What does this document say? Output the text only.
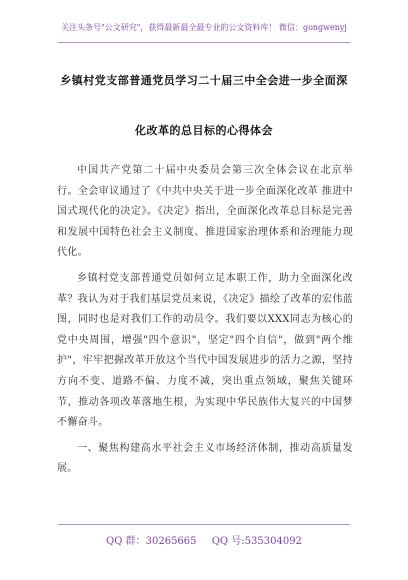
关注头条号"公文研究"，获得最新最全最专业的公文资料库！ 微信：gongwenyj
乡镇村党支部普通党员学习二十届三中全会进一步全面深
化改革的总目标的心得体会

中国共产党第二十届中央委员会第三次全体会议在北京举行。全会审议通过了《中共中央关于进一步全面深化改革 推进中国式现代化的决定》。《决定》指出，全面深化改革总目标是完善和发展中国特色社会主义制度、推进国家治理体系和治理能力现代化。

乡镇村党支部普通党员如何立足本职工作，助力全面深化改革？我认为对于我们基层党员来说，《决定》描绘了改革的宏伟蓝图，同时也是对我们工作的动员令。我们要以XXX同志为核心的党中央周围，增强"四个意识"，坚定"四个自信"，做到"两个维护"，牢牢把握改革开放这个当代中国发展进步的活力之源，坚持方向不变、道路不偏、力度不减，突出重点领域，聚焦关键环节，推动各项改革落地生根，为实现中华民族伟大复兴的中国梦不懈奋斗。

一、聚焦构建高水平社会主义市场经济体制，推动高质量发展。

QQ 群：30265665 QQ 号:535304092
